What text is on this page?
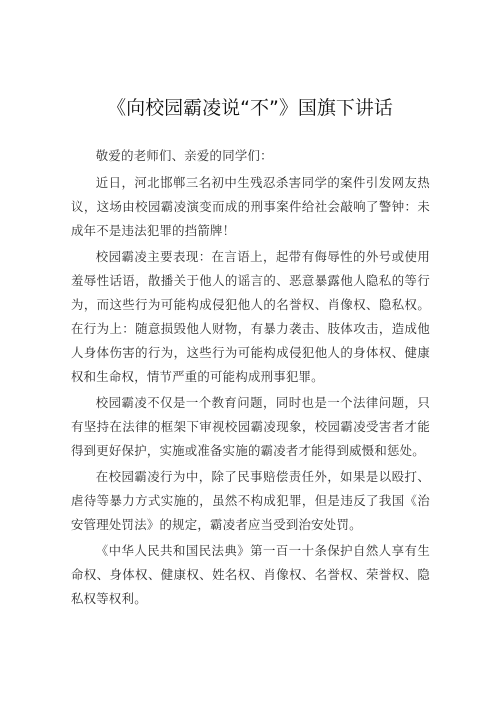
《向校园霸凌说“不”》国旗下讲话

敬爱的老师们、亲爱的同学们：

近日，河北邯郸三名初中生残忍杀害同学的案件引发网友热议，这场由校园霸凌演变而成的刑事案件给社会敲响了警钟：未成年不是违法犯罪的挡箭牌！

校园霸凌主要表现：在言语上，起带有侮辱性的外号或使用羞辱性话语，散播关于他人的谣言的、恶意暴露他人隐私的等行为，而这些行为可能构成侵犯他人的名誉权、肖像权、隐私权。在行为上：随意损毁他人财物，有暴力袭击、肢体攻击，造成他人身体伤害的行为，这些行为可能构成侵犯他人的身体权、健康权和生命权，情节严重的可能构成刑事犯罪。

校园霸凌不仅是一个教育问题，同时也是一个法律问题，只有坚持在法律的框架下审视校园霸凌现象，校园霸凌受害者才能得到更好保护，实施或准备实施的霸凌者才能得到威慑和惩处。

在校园霸凌行为中，除了民事赔偿责任外，如果是以殴打、虐待等暴力方式实施的，虽然不构成犯罪，但是违反了我国《治安管理处罚法》的规定，霸凌者应当受到治安处罚。

《中华人民共和国民法典》第一百一十条保护自然人享有生命权、身体权、健康权、姓名权、肖像权、名誉权、荣誉权、隐私权等权利。
